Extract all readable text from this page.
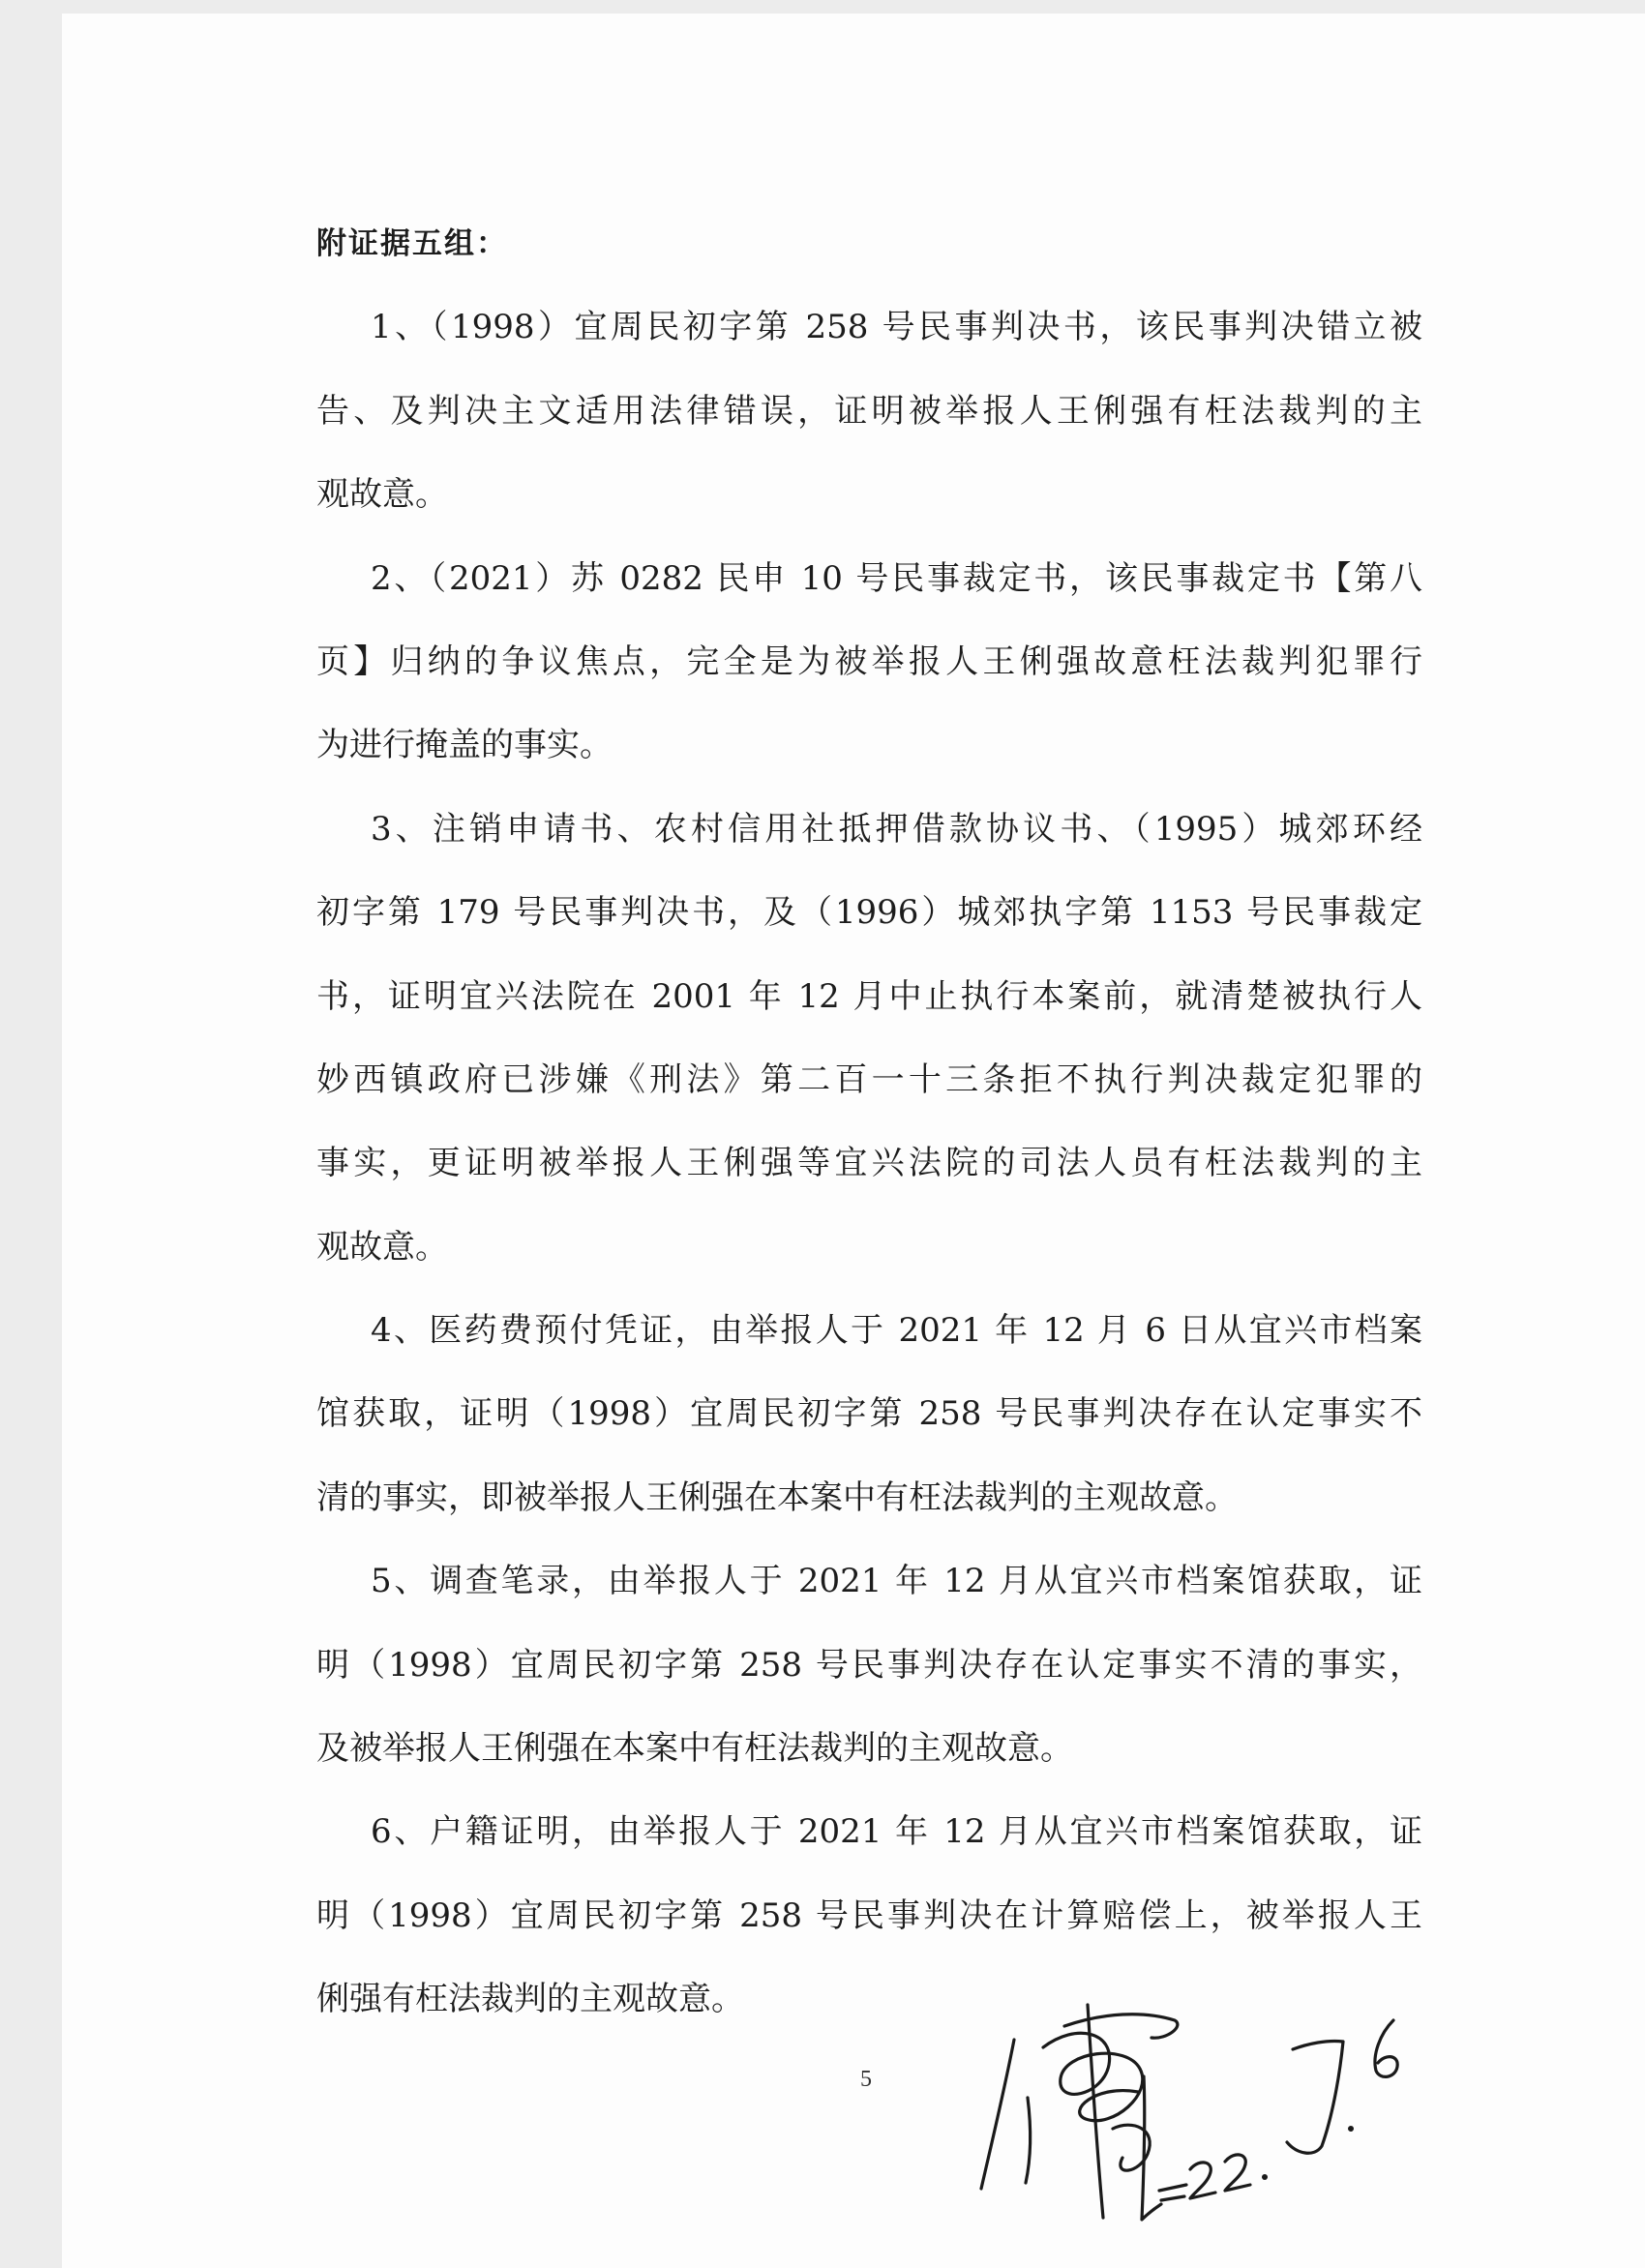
附证据五组：
1、（1998）宜周民初字第 258 号民事判决书，该民事判决错立被
告、及判决主文适用法律错误，证明被举报人王俐强有枉法裁判的主
观故意。
2、（2021）苏 0282 民申 10 号民事裁定书，该民事裁定书【第八
页】归纳的争议焦点，完全是为被举报人王俐强故意枉法裁判犯罪行
为进行掩盖的事实。
3、注销申请书、农村信用社抵押借款协议书、（1995）城郊环经
初字第 179 号民事判决书，及（1996）城郊执字第 1153 号民事裁定
书，证明宜兴法院在 2001 年 12 月中止执行本案前，就清楚被执行人
妙西镇政府已涉嫌《刑法》第二百一十三条拒不执行判决裁定犯罪的
事实，更证明被举报人王俐强等宜兴法院的司法人员有枉法裁判的主
观故意。
4、医药费预付凭证，由举报人于 2021 年 12 月 6 日从宜兴市档案
馆获取，证明（1998）宜周民初字第 258 号民事判决存在认定事实不
清的事实，即被举报人王俐强在本案中有枉法裁判的主观故意。
5、调查笔录，由举报人于 2021 年 12 月从宜兴市档案馆获取，证
明（1998）宜周民初字第 258 号民事判决存在认定事实不清的事实，
及被举报人王俐强在本案中有枉法裁判的主观故意。
6、户籍证明，由举报人于 2021 年 12 月从宜兴市档案馆获取，证
明（1998）宜周民初字第 258 号民事判决在计算赔偿上，被举报人王
俐强有枉法裁判的主观故意。
5
